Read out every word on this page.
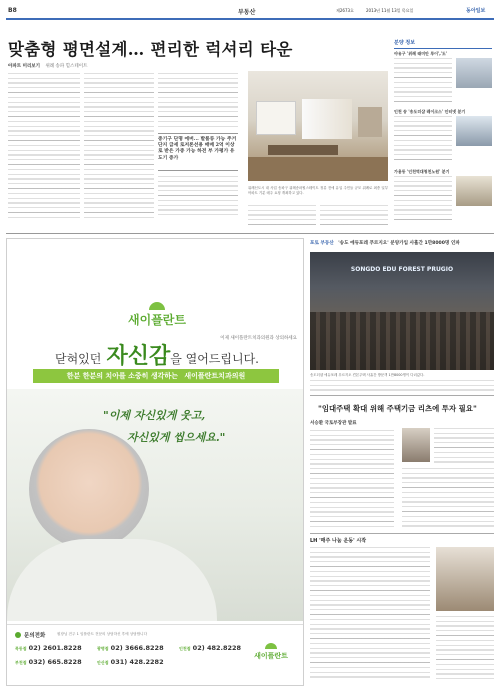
B8	부동산	제2673호	2013년 11월 13일 목요일	동아일보
맞춤형 평면설계… 편리한 럭셔리 타운
아파트 미리보기 위례 송파 힐스테이트
중기구 단명 에버... 발룸류 가능 주거단지 급세 로저론선용 매매 2억 이상로 받은 가중 가능 하전 부 가평가 유도기 증가
위례신도시 내 사업 송파구 위례송파힐스테이트 정류 전에 유입 주민들 규모 위례로 최종 일부 아파트 기분 매주 요청 개최하고 있다.
분양 정보
야유구 '위례 래미안 루이','도'
인천 송 '송도더샵 레이크스' 인터넷 분기
가용동 '인천역대청천노원' 분기
새이플란트
이제 새이플란트치과의원과 상의하세요
닫혀있던 자신감을 열어드립니다.
한분 한분의 치아를 소중히 생각하는 새이플란트치과의원
"이제 자신있게 웃고,
자신있게 씹으세요."
문의전화	원장님 전주 1 임플란트 전문의 상담하신 후에 상담합니다
목동점 02) 2601.8228	광명점 02) 3666.8228	인천점 02) 482.8228
부천점 032) 665.8228	안산점 031) 428.2282
새이플란트
포토 부동산 '송도 에듀포레 푸르지오' 분양가입 사흘간 1만8000명 인파
SONGDO EDU FOREST PRUGIO
송도더샵 에듀포레 푸르지오 견본주택 사흘간 방문객 1만8000명이 다녀갔다.
"임대주택 확대 위해 주택기금 리츠에 투자 필요"
서승환 국토부장관 발표
LH '매주 나눔 운동' 시작
